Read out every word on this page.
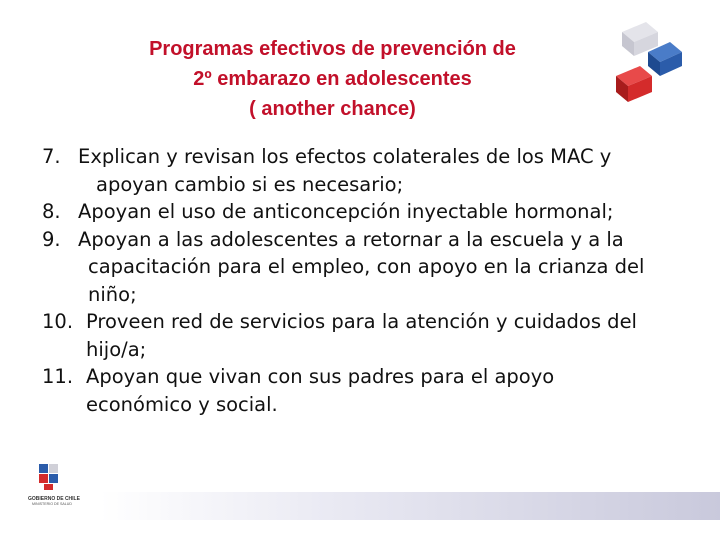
Programas efectivos de prevención de
2º embarazo en adolescentes
( another chance)
7. Explican y revisan los efectos colaterales de los MAC y
apoyan cambio si es necesario;
8. Apoyan el uso de anticoncepción inyectable hormonal;
9. Apoyan a las adolescentes a retornar a la escuela y a la
capacitación para el empleo, con apoyo en la crianza del
niño;
10. Proveen red de servicios para la atención y cuidados del
hijo/a;
11. Apoyan que vivan con sus padres para el apoyo
económico y social.
GOBIERNO DE CHILE
MINISTERIO DE SALUD
